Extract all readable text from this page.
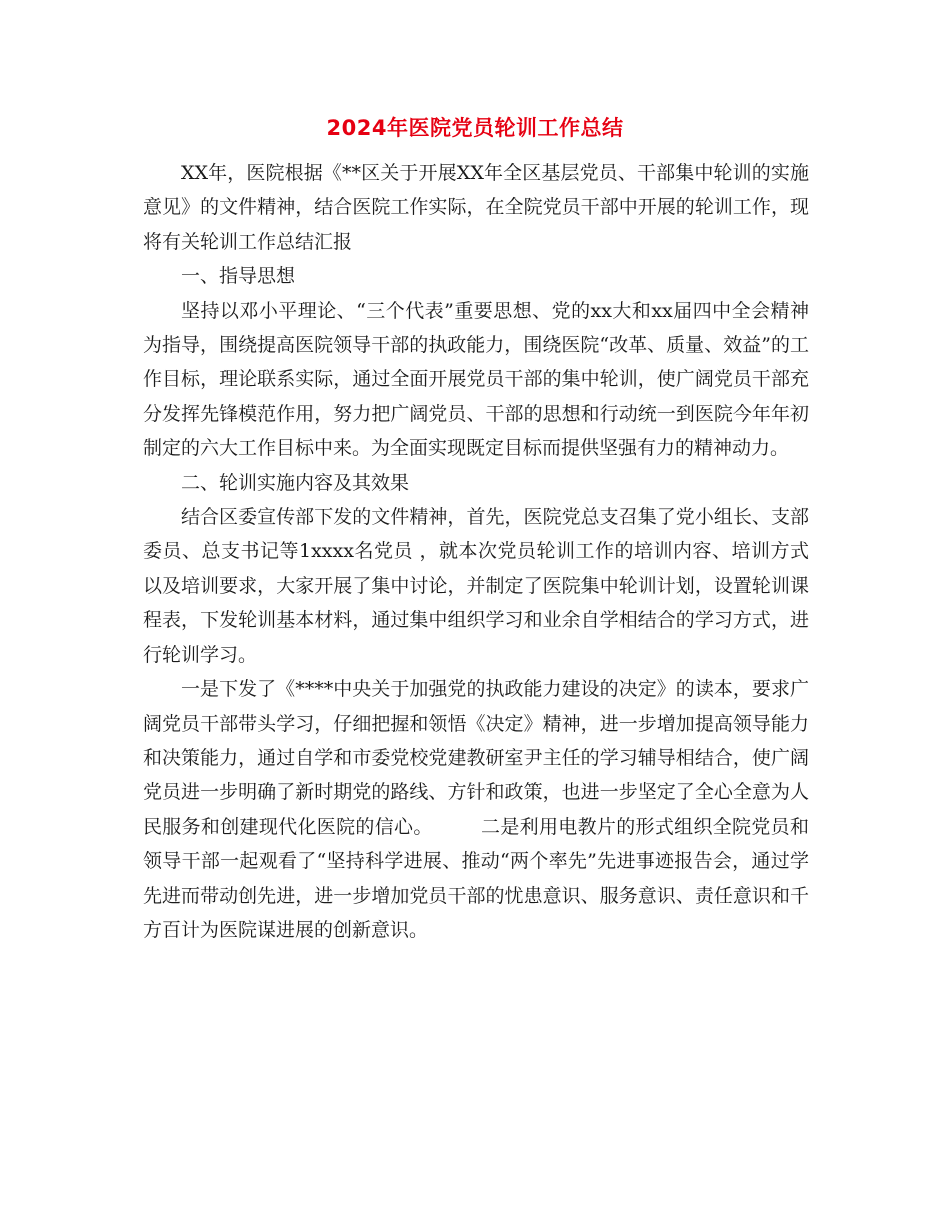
2024年医院党员轮训工作总结

XX年，医院根据《**区关于开展XX年全区基层党员、干部集中轮训的实施意见》的文件精神，结合医院工作实际，在全院党员干部中开展的轮训工作，现将有关轮训工作总结汇报

一、指导思想

坚持以邓小平理论、“三个代表”重要思想、党的xx大和xx届四中全会精神为指导，围绕提高医院领导干部的执政能力，围绕医院“改革、质量、效益”的工作目标，理论联系实际，通过全面开展党员干部的集中轮训，使广阔党员干部充分发挥先锋模范作用，努力把广阔党员、干部的思想和行动统一到医院今年年初制定的六大工作目标中来。为全面实现既定目标而提供坚强有力的精神动力。

二、轮训实施内容及其效果

结合区委宣传部下发的文件精神，首先，医院党总支召集了党小组长、支部委员、总支书记等1xxxx名党员 ，就本次党员轮训工作的培训内容、培训方式以及培训要求，大家开展了集中讨论，并制定了医院集中轮训计划，设置轮训课程表，下发轮训基本材料，通过集中组织学习和业余自学相结合的学习方式，进行轮训学习。

一是下发了《****中央关于加强党的执政能力建设的决定》的读本，要求广阔党员干部带头学习，仔细把握和领悟《决定》精神，进一步增加提高领导能力和决策能力，通过自学和市委党校党建教研室尹主任的学习辅导相结合，使广阔党员进一步明确了新时期党的路线、方针和政策，也进一步坚定了全心全意为人民服务和创建现代化医院的信心。　　　二是利用电教片的形式组织全院党员和领导干部一起观看了“坚持科学进展、推动“两个率先”先进事迹报告会，通过学先进而带动创先进，进一步增加党员干部的忧患意识、服务意识、责任意识和千方百计为医院谋进展的创新意识。
